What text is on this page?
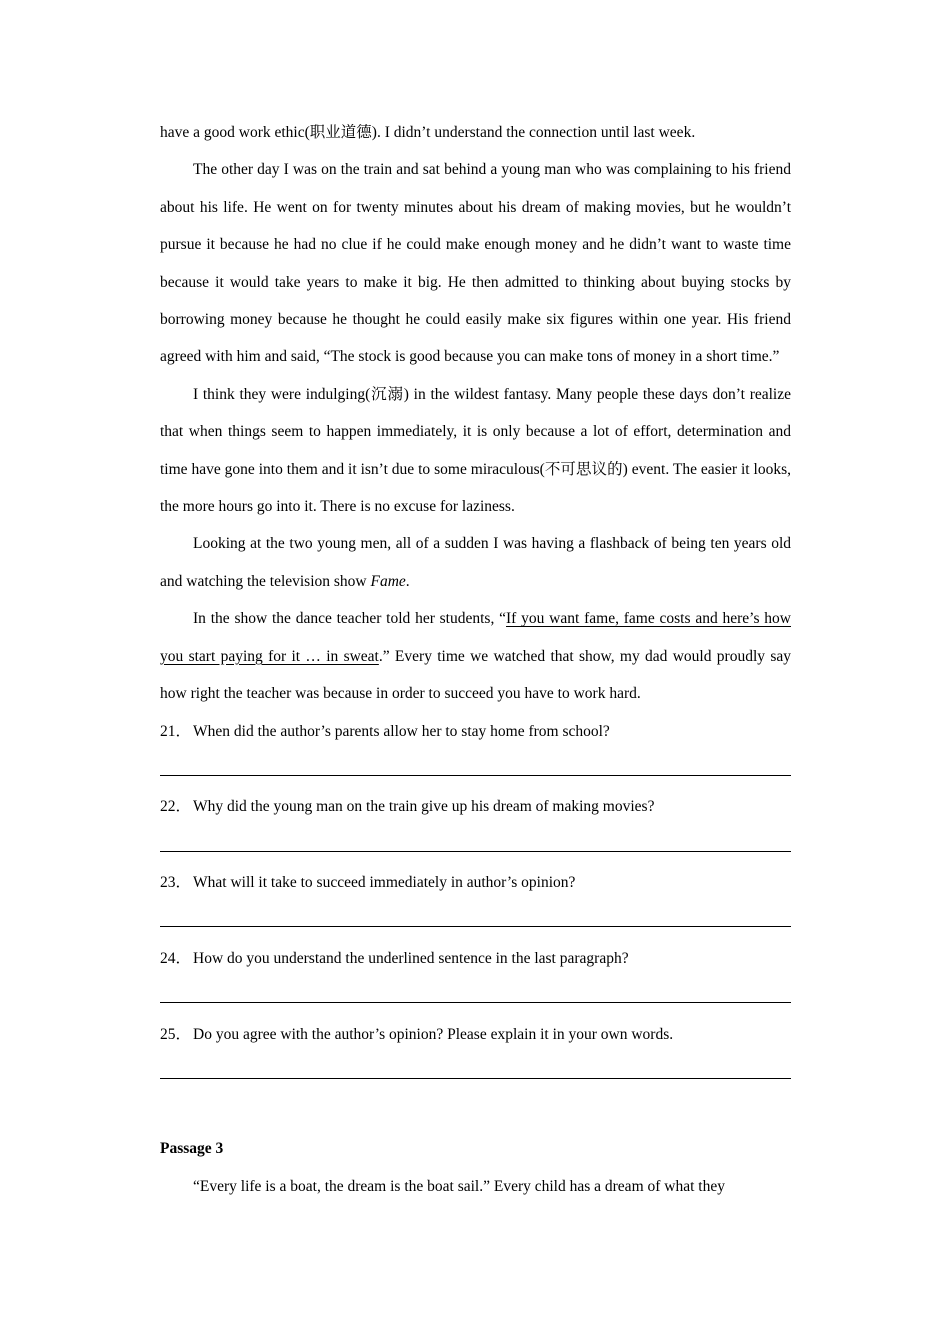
have a good work ethic(职业道德). I didn’t understand the connection until last week.

The other day I was on the train and sat behind a young man who was complaining to his friend about his life. He went on for twenty minutes about his dream of making movies, but he wouldn’t pursue it because he had no clue if he could make enough money and he didn’t want to waste time because it would take years to make it big. He then admitted to thinking about buying stocks by borrowing money because he thought he could easily make six figures within one year. His friend agreed with him and said, “The stock is good because you can make tons of money in a short time.”

I think they were indulging(沉溺) in the wildest fantasy. Many people these days don’t realize that when things seem to happen immediately, it is only because a lot of effort, determination and time have gone into them and it isn’t due to some miraculous(不可思议的) event. The easier it looks, the more hours go into it. There is no excuse for laziness.

Looking at the two young men, all of a sudden I was having a flashback of being ten years old and watching the television show Fame.

In the show the dance teacher told her students, “If you want fame, fame costs and here’s how you start paying for it … in sweat.” Every time we watched that show, my dad would proudly say how right the teacher was because in order to succeed you have to work hard.

21． When did the author’s parents allow her to stay home from school?
22． Why did the young man on the train give up his dream of making movies?
23． What will it take to succeed immediately in author’s opinion?
24． How do you understand the underlined sentence in the last paragraph?
25． Do you agree with the author’s opinion? Please explain it in your own words.

Passage 3

“Every life is a boat, the dream is the boat sail.” Every child has a dream of what they
